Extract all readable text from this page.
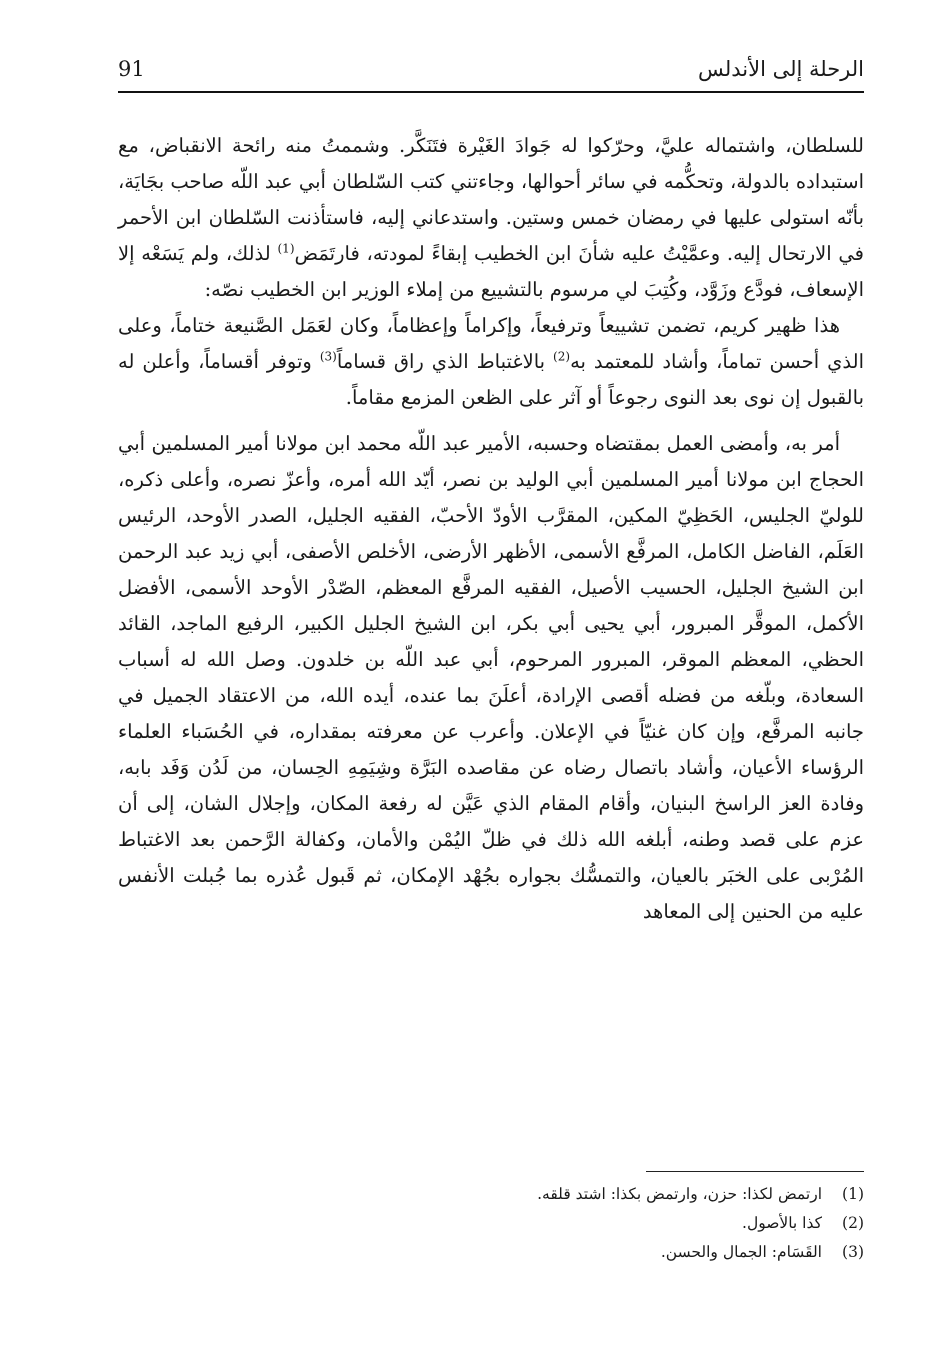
الرحلة إلى الأندلس
91

للسلطان، واشتماله عليَّ، وحرّكوا له جَوادَ الغَيْرة فتَنَكَّر. وشممتُ منه رائحة الانقباض، مع استبداده بالدولة، وتحكُّمه في سائر أحوالها، وجاءتني كتب السّلطان أبي عبد اللّه صاحب بجَايَة، بأنّه استولى عليها في رمضان خمس وستين. واستدعاني إليه، فاستأذنت السّلطان ابن الأحمر في الارتحال إليه. وعمَّيْتُ عليه شأنَ ابن الخطيب إبقاءً لمودته، فارتَمَض$^{(1)}$ لذلك، ولم يَسَعْه إلا الإسعاف، فودَّع وزَوَّد، وكُتِبَ لي مرسوم بالتشييع من إملاء الوزير ابن الخطيب نصّه:

هذا ظهير كريم، تضمن تشييعاً وترفيعاً، وإكراماً وإعظاماً، وكان لعَمَل الصَّنيعة ختاماً، وعلى الذي أحسن تماماً، وأشاد للمعتمد به$^{(2)}$ بالاغتباط الذي راق قساماً$^{(3)}$ وتوفر أقساماً، وأعلن له بالقبول إن نوى بعد النوى رجوعاً أو آثر على الظعن المزمع مقاماً.

أمر به، وأمضى العمل بمقتضاه وحسبه، الأمير عبد اللّه محمد ابن مولانا أمير المسلمين أبي الحجاج ابن مولانا أمير المسلمين أبي الوليد بن نصر، أيّد الله أمره، وأعزّ نصره، وأعلى ذكره، للوليّ الجليس، الحَظِيّ المكين، المقرَّب الأودّ الأحبّ، الفقيه الجليل، الصدر الأوحد، الرئيس العَلَم، الفاضل الكامل، المرفَّع الأسمى، الأظهر الأرضى، الأخلص الأصفى، أبي زيد عبد الرحمن ابن الشيخ الجليل، الحسيب الأصيل، الفقيه المرفَّع المعظم، الصّدْر الأوحد الأسمى، الأفضل الأكمل، الموقَّر المبرور، أبي يحيى أبي بكر، ابن الشيخ الجليل الكبير، الرفيع الماجد، القائد الحظي، المعظم الموقر، المبرور المرحوم، أبي عبد اللّه بن خلدون. وصل الله له أسباب السعادة، وبلّغه من فضله أقصى الإرادة، أعلَنَ بما عنده، أيده الله، من الاعتقاد الجميل في جانبه المرفَّع، وإن كان غنيّاً في الإعلان. وأعرب عن معرفته بمقداره، في الحُسَباء العلماء الرؤساء الأعيان، وأشاد باتصال رضاه عن مقاصده البَرَّة وشِيَمِهِ الحِسان، من لَدُن وَفَد بابه، وفادة العز الراسخ البنيان، وأقام المقام الذي عَيَّن له رفعة المكان، وإجلال الشان، إلى أن عزم على قصد وطنه، أبلغه الله ذلك في ظلّ اليُمْن والأمان، وكفالة الرَّحمن بعد الاغتباط المُرْبى على الخبَر بالعيان، والتمسُّك بجواره بجُهْد الإمكان، ثم قَبول عُذره بما جُبلت الأنفس عليه من الحنين إلى المعاهد

(1)
ارتمض لكذا: حزن، وارتمض بكذا: اشتد قلقه.
(2)
كذا بالأصول.
(3)
القَسَام: الجمال والحسن.
